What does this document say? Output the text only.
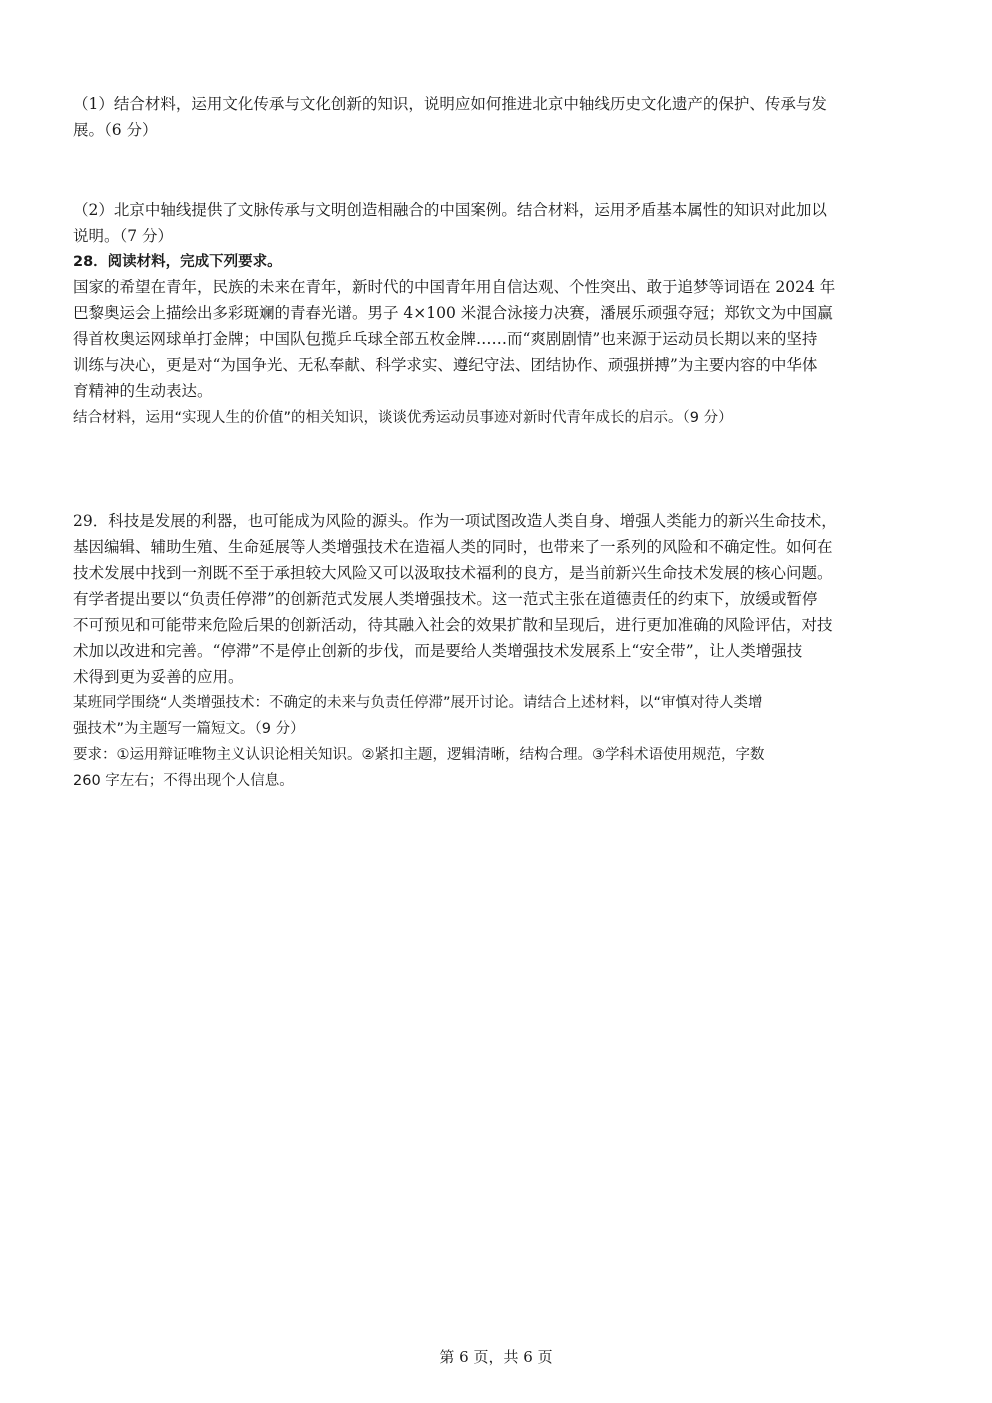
（1）结合材料，运用文化传承与文化创新的知识，说明应如何推进北京中轴线历史文化遗产的保护、传承与发
展。（6 分）
（2）北京中轴线提供了文脉传承与文明创造相融合的中国案例。结合材料，运用矛盾基本属性的知识对此加以
说明。（7 分）
28．阅读材料，完成下列要求。
国家的希望在青年，民族的未来在青年，新时代的中国青年用自信达观、个性突出、敢于追梦等词语在 2024 年
巴黎奥运会上描绘出多彩斑斓的青春光谱。男子 4×100 米混合泳接力决赛，潘展乐顽强夺冠；郑钦文为中国赢
得首枚奥运网球单打金牌；中国队包揽乒乓球全部五枚金牌……而“爽剧剧情”也来源于运动员长期以来的坚持
训练与决心，更是对“为国争光、无私奉献、科学求实、遵纪守法、团结协作、顽强拼搏”为主要内容的中华体
育精神的生动表达。
结合材料，运用“实现人生的价值”的相关知识，谈谈优秀运动员事迹对新时代青年成长的启示。（9 分）
29．科技是发展的利器，也可能成为风险的源头。作为一项试图改造人类自身、增强人类能力的新兴生命技术，
基因编辑、辅助生殖、生命延展等人类增强技术在造福人类的同时，也带来了一系列的风险和不确定性。如何在
技术发展中找到一剂既不至于承担较大风险又可以汲取技术福利的良方，是当前新兴生命技术发展的核心问题。
有学者提出要以“负责任停滞”的创新范式发展人类增强技术。这一范式主张在道德责任的约束下，放缓或暂停
不可预见和可能带来危险后果的创新活动，待其融入社会的效果扩散和呈现后，进行更加准确的风险评估，对技
术加以改进和完善。“停滞”不是停止创新的步伐，而是要给人类增强技术发展系上“安全带”，让人类增强技
术得到更为妥善的应用。
某班同学围绕“人类增强技术：不确定的未来与负责任停滞”展开讨论。请结合上述材料，以“审慎对待人类增
强技术”为主题写一篇短文。（9 分）
要求：①运用辩证唯物主义认识论相关知识。②紧扣主题，逻辑清晰，结构合理。③学科术语使用规范，字数
260 字左右；不得出现个人信息。
第 6 页，共 6 页
